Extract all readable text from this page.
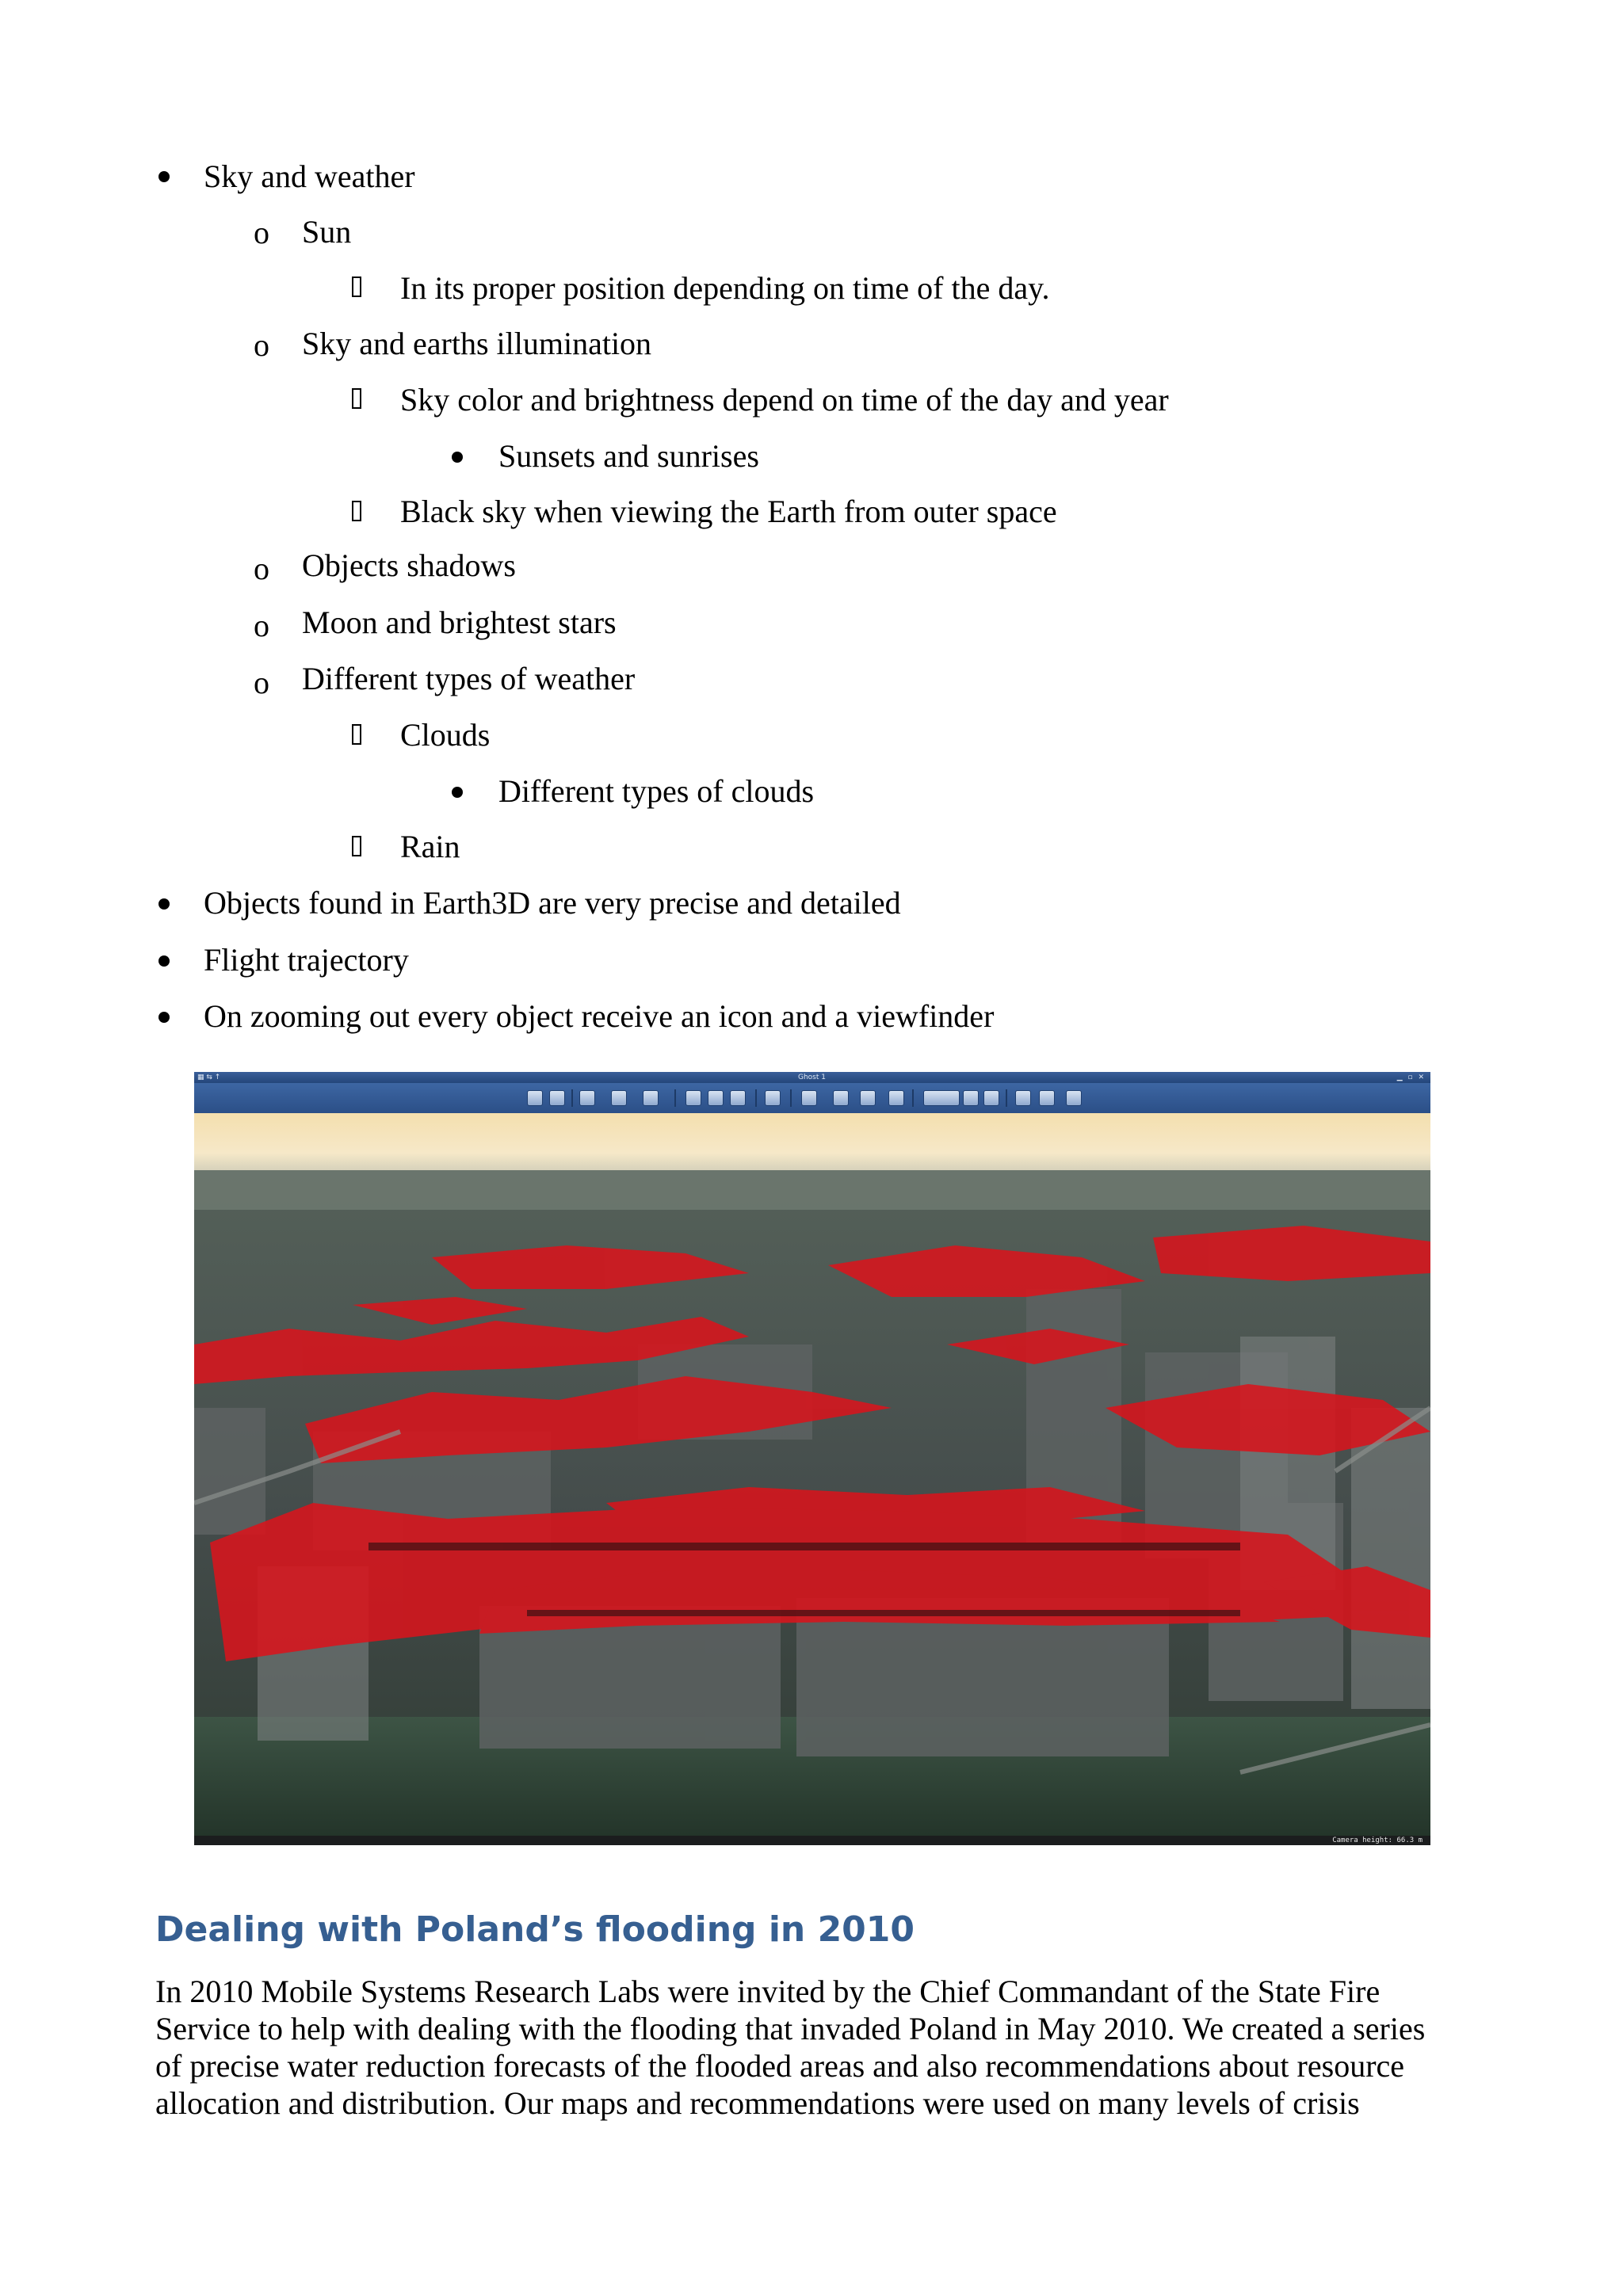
Sky and weather
o Sun
In its proper position depending on time of the day.
o Sky and earths illumination
Sky color and brightness depend on time of the day and year
Sunsets and sunrises
Black sky when viewing the Earth from outer space
o Objects shadows
o Moon and brightest stars
o Different types of weather
Clouds
Different types of clouds
Rain
Objects found in Earth3D are very precise and detailed
Flight trajectory
On zooming out every object receive an icon and a viewfinder
▦ ⇆ ↑	Ghost 1	▁ ▫ ✕
Camera height: 66.3 m
Dealing with Poland’s flooding in 2010

In 2010 Mobile Systems Research Labs were invited by the Chief Commandant of the State Fire
Service to help with dealing with the flooding that invaded Poland in May 2010. We created a series
of precise water reduction forecasts of the flooded areas and also recommendations about resource
allocation and distribution. Our maps and recommendations were used on many levels of crisis
